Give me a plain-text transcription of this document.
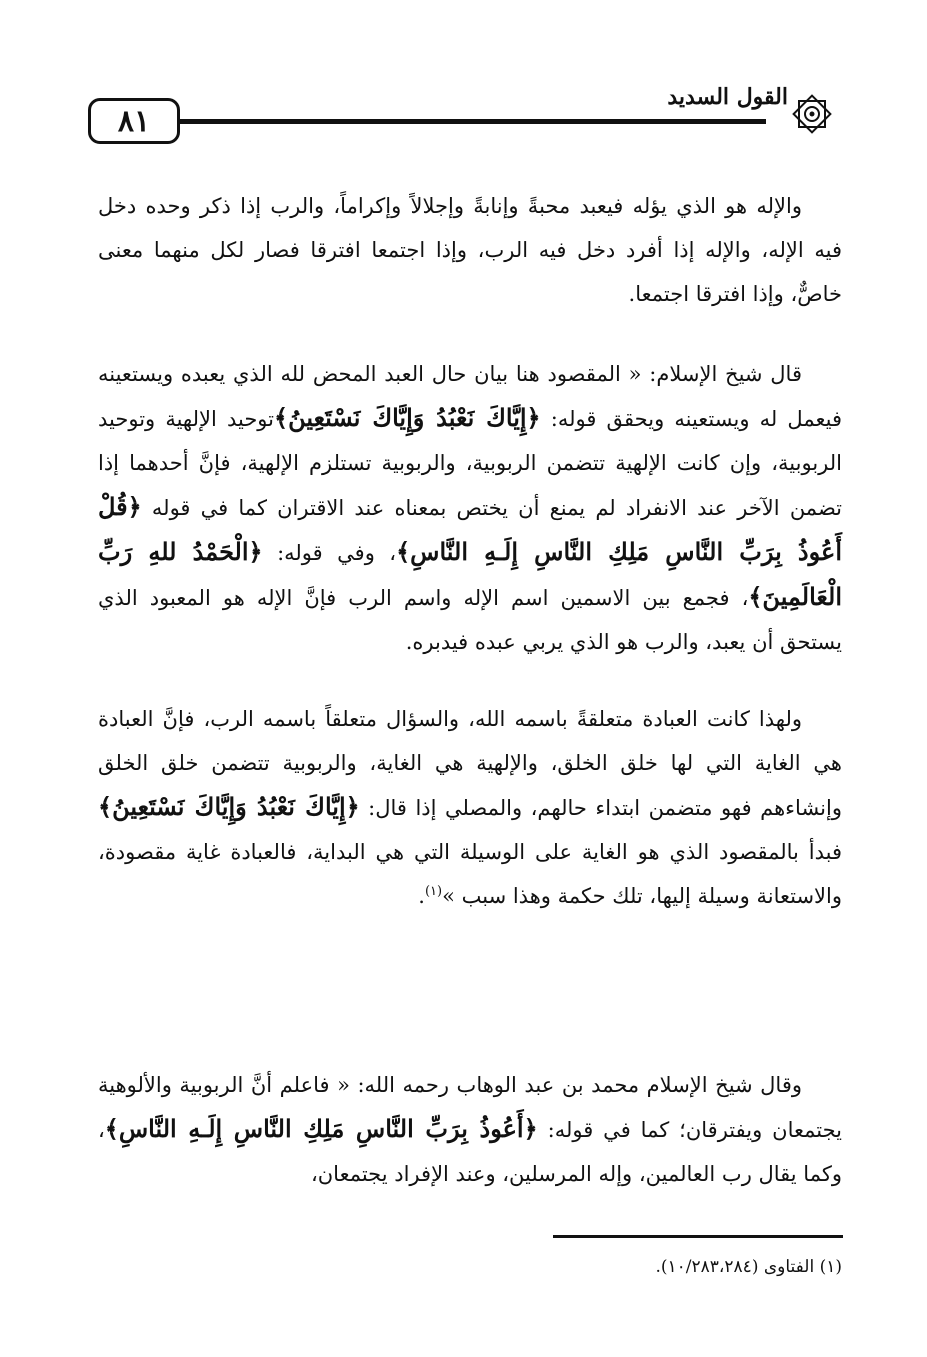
٨١
القول السديد

والإله هو الذي يؤله فيعبد محبةً وإنابةً وإجلالاً وإكراماً، والرب إذا ذكر وحده دخل فيه الإله، والإله إذا أفرد دخل فيه الرب، وإذا اجتمعا افترقا فصار لكل منهما معنى خاصٌّ، وإذا افترقا اجتمعا.

قال شيخ الإسلام: « المقصود هنا بيان حال العبد المحض لله الذي يعبده ويستعينه فيعمل له ويستعينه ويحقق قوله: ﴿إِيَّاكَ نَعْبُدُ وَإِيَّاكَ نَسْتَعِينُ﴾توحيد الإلهية وتوحيد الربوبية، وإن كانت الإلهية تتضمن الربوبية، والربوبية تستلزم الإلهية، فإنَّ أحدهما إذا تضمن الآخر عند الانفراد لم يمنع أن يختص بمعناه عند الاقتران كما في قوله ﴿قُلْ أَعُوذُ بِرَبِّ النَّاسِ مَلِكِ النَّاسِ إِلَـهِ النَّاسِ﴾، وفي قوله: ﴿الْحَمْدُ للهِ رَبِّ الْعَالَمِينَ﴾، فجمع بين الاسمين اسم الإله واسم الرب فإنَّ الإله هو المعبود الذي يستحق أن يعبد، والرب هو الذي يربي عبده فيدبره.

ولهذا كانت العبادة متعلقةً باسمه الله، والسؤال متعلقاً باسمه الرب، فإنَّ العبادة هي الغاية التي لها خلق الخلق، والإلهية هي الغاية، والربوبية تتضمن خلق الخلق وإنشاءهم فهو متضمن ابتداء حالهم، والمصلي إذا قال: ﴿إِيَّاكَ نَعْبُدُ وَإِيَّاكَ نَسْتَعِينُ﴾فبدأ بالمقصود الذي هو الغاية على الوسيلة التي هي البداية، فالعبادة غاية مقصودة، والاستعانة وسيلة إليها، تلك حكمة وهذا سبب »$^{(١)}$.

وقال شيخ الإسلام محمد بن عبد الوهاب رحمه الله: « فاعلم أنَّ الربوبية والألوهية يجتمعان ويفترقان؛ كما في قوله: ﴿أَعُوذُ بِرَبِّ النَّاسِ مَلِكِ النَّاسِ إِلَـهِ النَّاسِ﴾، وكما يقال رب العالمين، وإله المرسلين، وعند الإفراد يجتمعان،

(١) الفتاوى (١٠/٢٨٣،٢٨٤).
